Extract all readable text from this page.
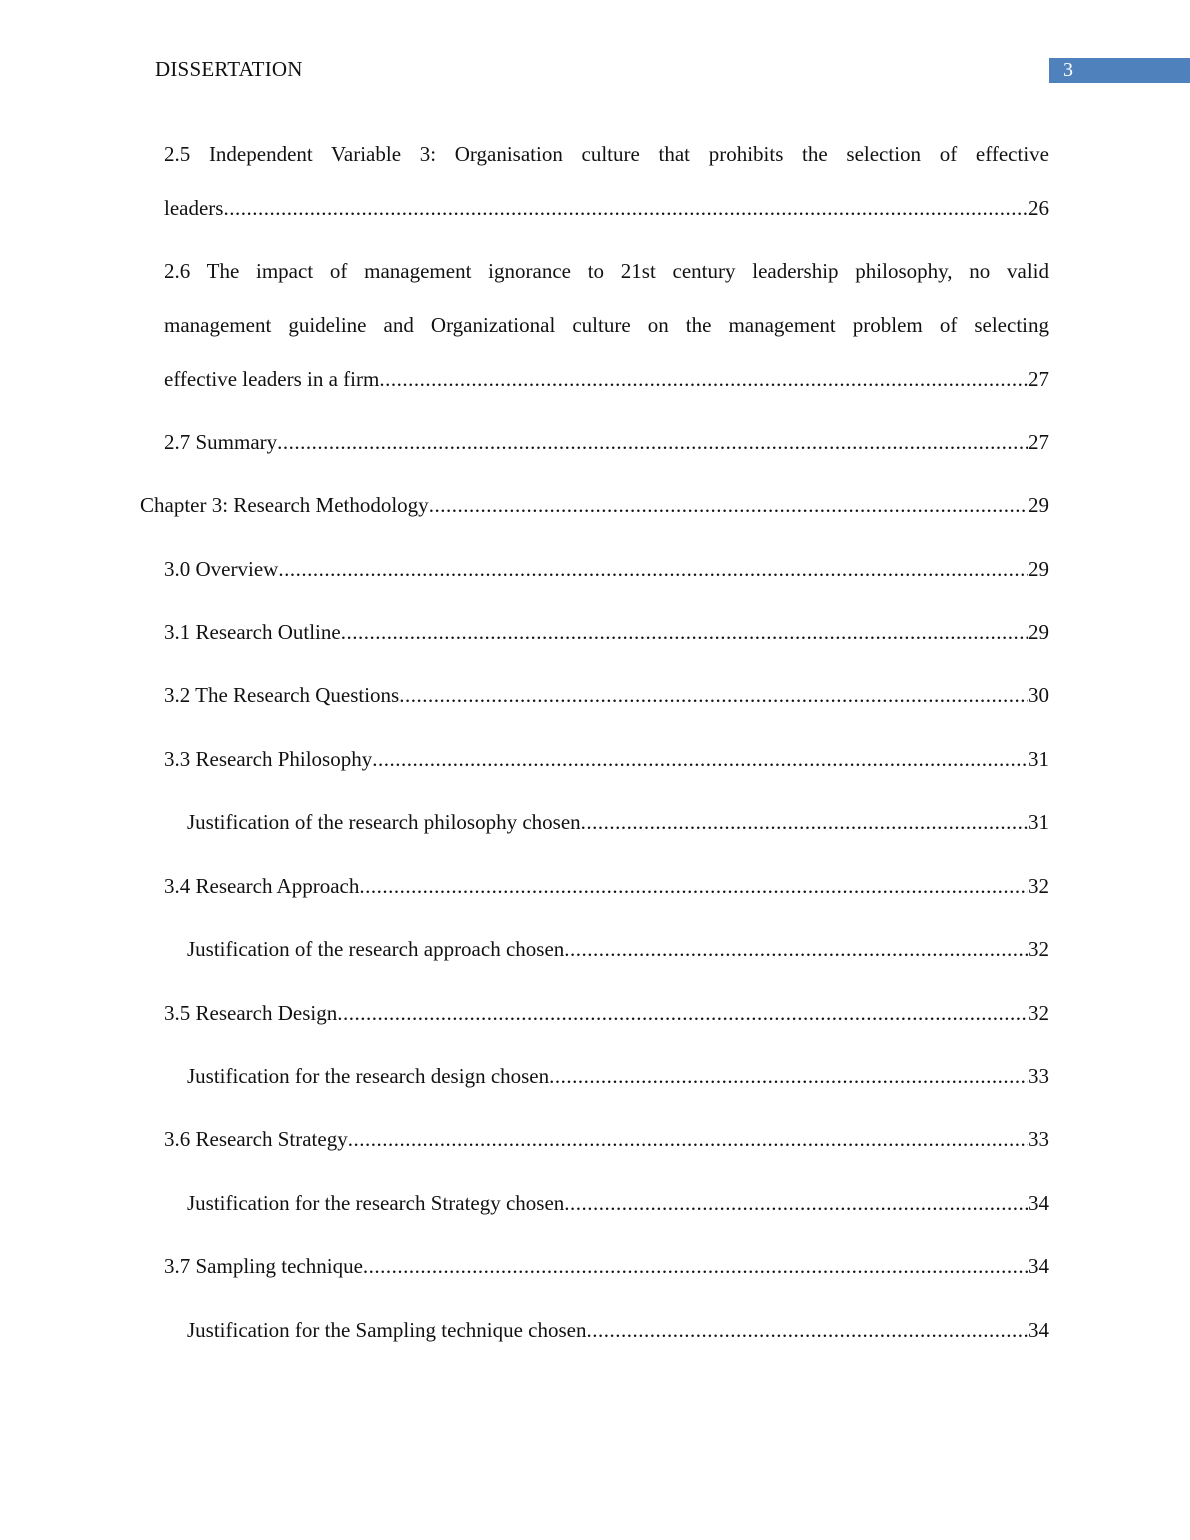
DISSERTATION	3
2.5 Independent Variable 3: Organisation culture that prohibits the selection of effective
leaders .....	26
2.6 The impact of management ignorance to 21st century leadership philosophy, no valid
management guideline and Organizational culture on the management problem of selecting
effective leaders in a firm .....	27
2.7 Summary .....	27
Chapter 3: Research Methodology .....	29
3.0 Overview .....	29
3.1 Research Outline .....	29
3.2 The Research Questions .....	30
3.3 Research Philosophy .....	31
Justification of the research philosophy chosen .....	31
3.4 Research Approach .....	32
Justification of the research approach chosen .....	32
3.5 Research Design .....	32
Justification for the research design chosen .....	33
3.6 Research Strategy .....	33
Justification for the research Strategy chosen .....	34
3.7 Sampling technique .....	34
Justification for the Sampling technique chosen .....	34
